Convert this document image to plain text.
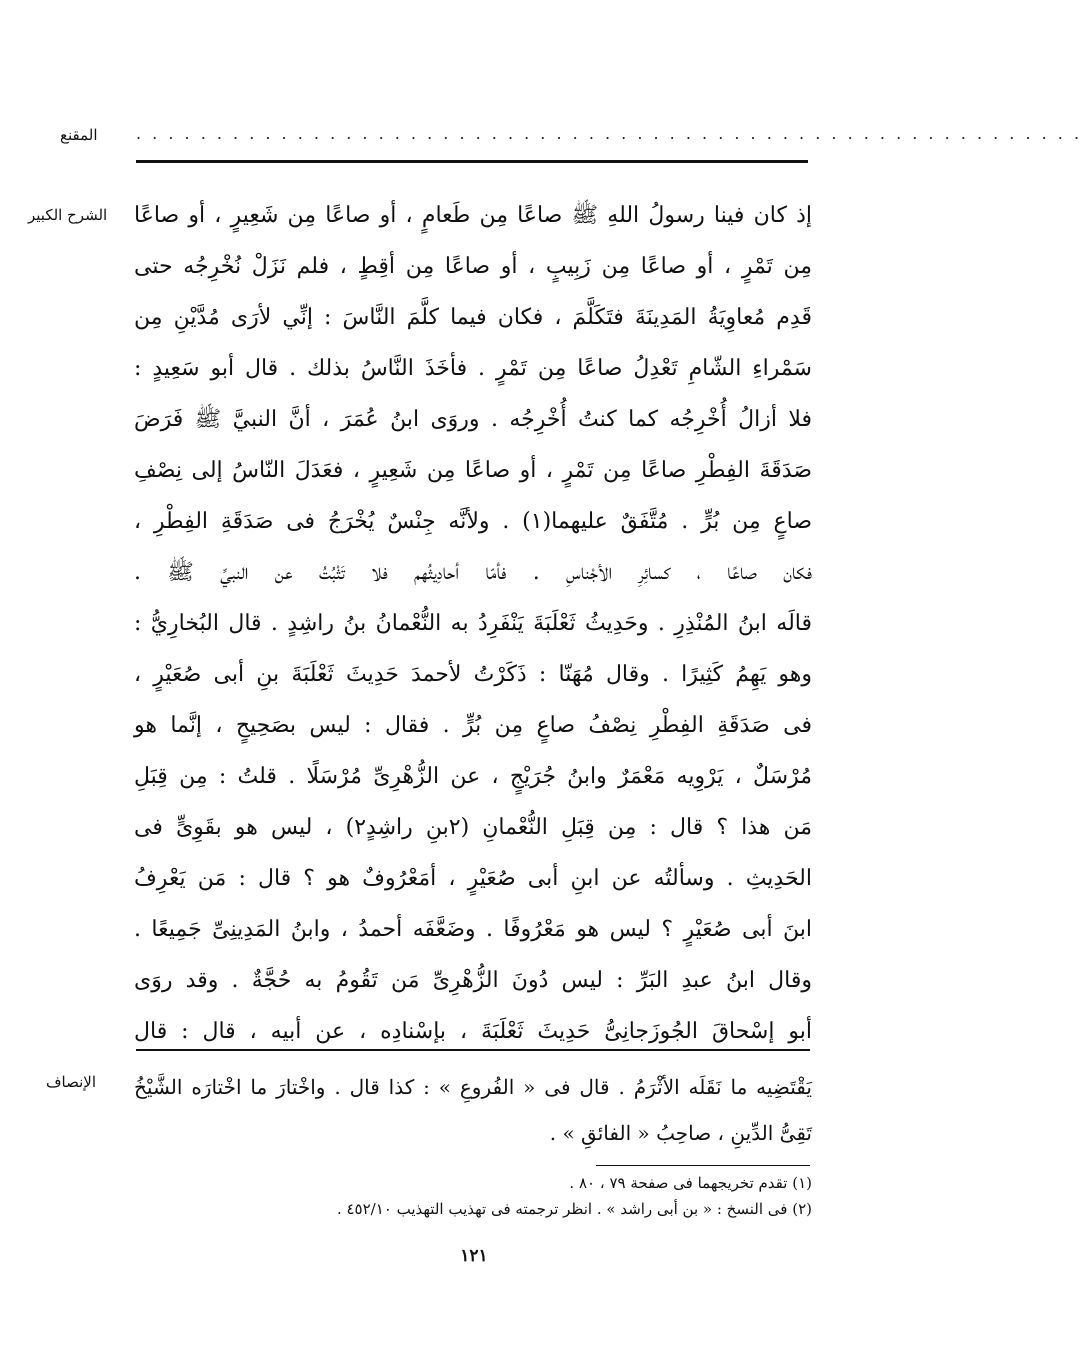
المقنع . . . . . . . . . . . . . . . . . . . . . . . . . . . . . . . . . . . . . . . . . . . . . . . . . . . . . . . . . . .
الشرح الكبير إذ كان فينا رسولُ اللهِ ﷺ صاعًا مِن طَعامٍ ، أو صاعًا مِن شَعِيرٍ ، أو صاعًا
مِن تَمْرٍ ، أو صاعًا مِن زَبِيبٍ ، أو صاعًا مِن أقِطٍ ، فلم نَزَلْ نُخْرِجُه حتى
قَدِم مُعاوِيَةُ المَدِينَةَ فتَكَلَّمَ ، فكان فيما كلَّمَ النَّاسَ : إنِّي لأرَى مُدَّيْنِ مِن
سَمْراءِ الشّامِ تَعْدِلُ صاعًا مِن تَمْرٍ . فأخَذَ النَّاسُ بذلك . قال أبو سَعِيدٍ :
فلا أزالُ أُخْرِجُه كما كنتُ أُخْرِجُه . وروَى ابنُ عُمَرَ ، أنَّ النبيَّ ﷺ فَرَضَ
صَدَقَةَ الفِطْرِ صاعًا مِن تَمْرٍ ، أو صاعًا مِن شَعِيرٍ ، فعَدَلَ النّاسُ إلى نِصْفِ
صاعٍ مِن بُرٍّ . مُتَّفَقٌ عليهما(١) . ولأنَّه جِنْسٌ يُخْرَجُ فى صَدَقَةِ الفِطْرِ ،
فكان صاعًا ، كسائِرِ الأجْناسِ . فأمّا أحادِيثُهم فلا تَثْبُتُ عن النبيِّ ﷺ .
قالَه ابنُ المُنْذِرِ . وحَدِيثُ ثَعْلَبَةَ يَنْفَرِدُ به النُّعْمانُ بنُ راشِدٍ . قال البُخارِيُّ :
وهو يَهِمُ كَثِيرًا . وقال مُهَنّا : ذَكَرْتُ لأحمدَ حَدِيثَ ثَعْلَبَةَ بنِ أبى صُعَيْرٍ ،
فى صَدَقَةِ الفِطْرِ نِصْفُ صاعٍ مِن بُرٍّ . فقال : ليس بصَحِيحٍ ، إنَّما هو
مُرْسَلٌ ، يَرْوِيه مَعْمَرٌ وابنُ جُرَيْجٍ ، عن الزُّهْرِىِّ مُرْسَلًا . قلتُ : مِن قِبَلِ
مَن هذا ؟ قال : مِن قِبَلِ النُّعْمانِ (٢بنِ راشِدٍ٢) ، ليس هو بقَوِىٍّ فى
الحَدِيثِ . وسألتُه عن ابنِ أبى صُعَيْرٍ ، أمَعْرُوفٌ هو ؟ قال : مَن يَعْرِفُ
ابنَ أبى صُعَيْرٍ ؟ ليس هو مَعْرُوفًا . وضَعَّفَه أحمدُ ، وابنُ المَدِينِىِّ جَمِيعًا .
وقال ابنُ عبدِ البَرِّ : ليس دُونَ الزُّهْرِىِّ مَن تَقُومُ به حُجَّةٌ . وقد روَى
أبو إسْحاقَ الجُوزَجانِىُّ حَدِيثَ ثَعْلَبَةَ ، بإسْنادِه ، عن أبيه ، قال : قال
الإنصاف يَقْتَضِيه ما نَقَلَه الأثْرَمُ . قال فى « الفُروعِ » : كذا قال . واخْتارَ ما اخْتارَه الشَّيْخُ
تَقِىُّ الدِّينِ ، صاحِبُ « الفائقِ » .
(١) تقدم تخريجهما فى صفحة ٧٩ ، ٨٠ .
(٢) فى النسخ : « بن أبى راشد » . انظر ترجمته فى تهذيب التهذيب ٤٥٢/١٠ .
١٢١
